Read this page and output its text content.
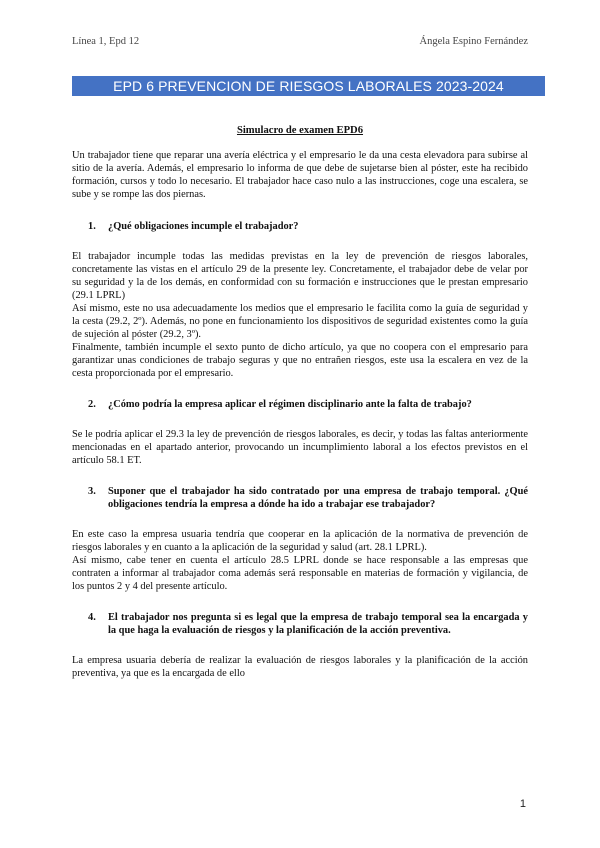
Línea 1, Epd 12	Ángela Espino Fernández
EPD 6 PREVENCION DE RIESGOS LABORALES 2023-2024
Simulacro de examen EPD6

Un trabajador tiene que reparar una avería eléctrica y el empresario le da una cesta elevadora para subirse al sitio de la avería. Además, el empresario lo informa de que debe de sujetarse bien al póster, este ha recibido formación, cursos y todo lo necesario. El trabajador hace caso nulo a las instrucciones, coge una escalera, se sube y se rompe las dos piernas.

1.	¿Qué obligaciones incumple el trabajador?

El trabajador incumple todas las medidas previstas en la ley de prevención de riesgos laborales, concretamente las vistas en el artículo 29 de la presente ley. Concretamente, el trabajador debe de velar por su seguridad y la de los demás, en conformidad con su formación e instrucciones que le prestan empresario (29.1 LPRL)

Así mismo, este no usa adecuadamente los medios que el empresario le facilita como la guía de seguridad y la cesta (29.2, 2º). Además, no pone en funcionamiento los dispositivos de seguridad existentes como la guía de sujeción al póster (29.2, 3º).

Finalmente, también incumple el sexto punto de dicho artículo, ya que no coopera con el empresario para garantizar unas condiciones de trabajo seguras y que no entrañen riesgos, este usa la escalera en vez de la cesta proporcionada por el empresario.

2.	¿Cómo podría la empresa aplicar el régimen disciplinario ante la falta de trabajo?

Se le podría aplicar el 29.3 la ley de prevención de riesgos laborales, es decir, y todas las faltas anteriormente mencionadas en el apartado anterior, provocando un incumplimiento laboral a los efectos previstos en el artículo 58.1 ET.

3.	Suponer que el trabajador ha sido contratado por una empresa de trabajo temporal. ¿Qué obligaciones tendría la empresa a dónde ha ido a trabajar ese trabajador?

En este caso la empresa usuaria tendría que cooperar en la aplicación de la normativa de prevención de riesgos laborales y en cuanto a la aplicación de la seguridad y salud (art. 28.1 LPRL).

Así mismo, cabe tener en cuenta el artículo 28.5 LPRL donde se hace responsable a las empresas que contraten a informar al trabajador coma además será responsable en materias de formación y vigilancia, de los puntos 2 y 4 del presente artículo.

4.	El trabajador nos pregunta si es legal que la empresa de trabajo temporal sea la encargada y la que haga la evaluación de riesgos y la planificación de la acción preventiva.

La empresa usuaria debería de realizar la evaluación de riesgos laborales y la planificación de la acción preventiva, ya que es la encargada de ello

1
